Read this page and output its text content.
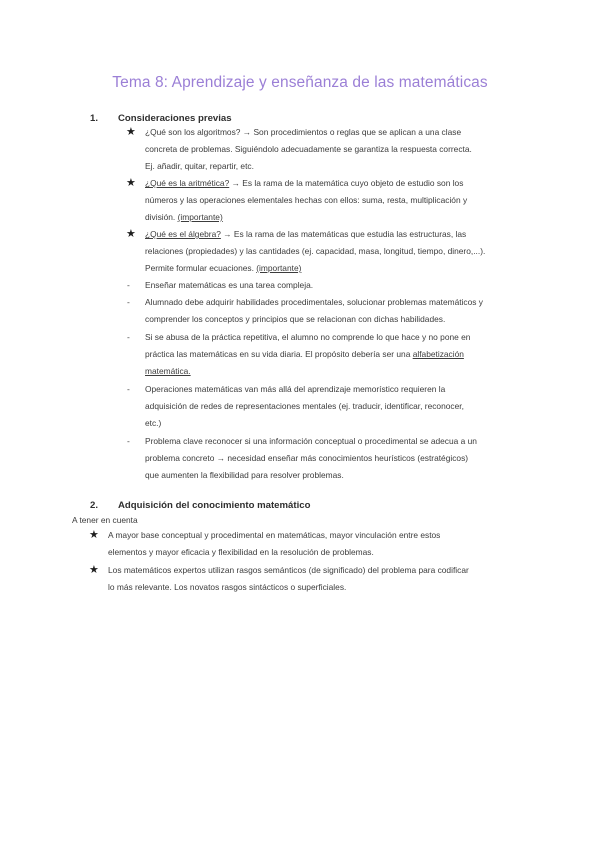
Tema 8: Aprendizaje y enseñanza de las matemáticas
1. Consideraciones previas
★ ¿Qué son los algoritmos? → Son procedimientos o reglas que se aplican a una clase
concreta de problemas. Siguiéndolo adecuadamente se garantiza la respuesta correcta.
Ej. añadir, quitar, repartir, etc.
★ ¿Qué es la aritmética? → Es la rama de la matemática cuyo objeto de estudio son los
números y las operaciones elementales hechas con ellos: suma, resta, multiplicación y
división. (importante)
★ ¿Qué es el álgebra? → Es la rama de las matemáticas que estudia las estructuras, las
relaciones (propiedades) y las cantidades (ej. capacidad, masa, longitud, tiempo, dinero,...).
Permite formular ecuaciones. (importante)
- Enseñar matemáticas es una tarea compleja.
- Alumnado debe adquirir habilidades procedimentales, solucionar problemas matemáticos y
comprender los conceptos y principios que se relacionan con dichas habilidades.
- Si se abusa de la práctica repetitiva, el alumno no comprende lo que hace y no pone en
práctica las matemáticas en su vida diaria. El propósito debería ser una alfabetización
matemática.
- Operaciones matemáticas van más allá del aprendizaje memorístico requieren la
adquisición de redes de representaciones mentales (ej. traducir, identificar, reconocer,
etc.)
- Problema clave reconocer si una información conceptual o procedimental se adecua a un
problema concreto → necesidad enseñar más conocimientos heurísticos (estratégicos)
que aumenten la flexibilidad para resolver problemas.
2. Adquisición del conocimiento matemático
A tener en cuenta
★ A mayor base conceptual y procedimental en matemáticas, mayor vinculación entre estos
elementos y mayor eficacia y flexibilidad en la resolución de problemas.
★ Los matemáticos expertos utilizan rasgos semánticos (de significado) del problema para codificar
lo más relevante. Los novatos rasgos sintácticos o superficiales.
